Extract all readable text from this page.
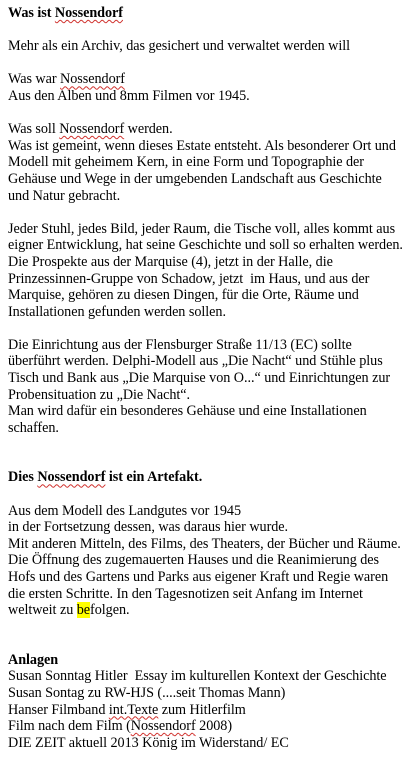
Was ist Nossendorf
Mehr als ein Archiv, das gesichert und verwaltet werden will
Was war Nossendorf
Aus den Alben und 8mm Filmen vor 1945.
Was soll Nossendorf werden.
Was ist gemeint, wenn dieses Estate entsteht. Als besonderer Ort und
Modell mit geheimem Kern, in eine Form und Topographie der
Gehäuse und Wege in der umgebenden Landschaft aus Geschichte
und Natur gebracht.
Jeder Stuhl, jedes Bild, jeder Raum, die Tische voll, alles kommt aus
eigner Entwicklung, hat seine Geschichte und soll so erhalten werden.
Die Prospekte aus der Marquise (4), jetzt in der Halle, die
Prinzessinnen-Gruppe von Schadow, jetzt  im Haus, und aus der
Marquise, gehören zu diesen Dingen, für die Orte, Räume und
Installationen gefunden werden sollen.
Die Einrichtung aus der Flensburger Straße 11/13 (EC) sollte
überführt werden. Delphi-Modell aus „Die Nacht“ und Stühle plus
Tisch und Bank aus „Die Marquise von O...“ und Einrichtungen zur
Probensituation zu „Die Nacht“.
Man wird dafür ein besonderes Gehäuse und eine Installationen
schaffen.
Dies Nossendorf ist ein Artefakt.
Aus dem Modell des Landgutes vor 1945
in der Fortsetzung dessen, was daraus hier wurde.
Mit anderen Mitteln, des Films, des Theaters, der Bücher und Räume.
Die Öffnung des zugemauerten Hauses und die Reanimierung des
Hofs und des Gartens und Parks aus eigener Kraft und Regie waren
die ersten Schritte. In den Tagesnotizen seit Anfang im Internet
weltweit zu befolgen.
Anlagen
Susan Sonntag Hitler  Essay im kulturellen Kontext der Geschichte
Susan Sontag zu RW-HJS (....seit Thomas Mann)
Hanser Filmband int.Texte zum Hitlerfilm
Film nach dem Film (Nossendorf 2008)
DIE ZEIT aktuell 2013 König im Widerstand/ EC
